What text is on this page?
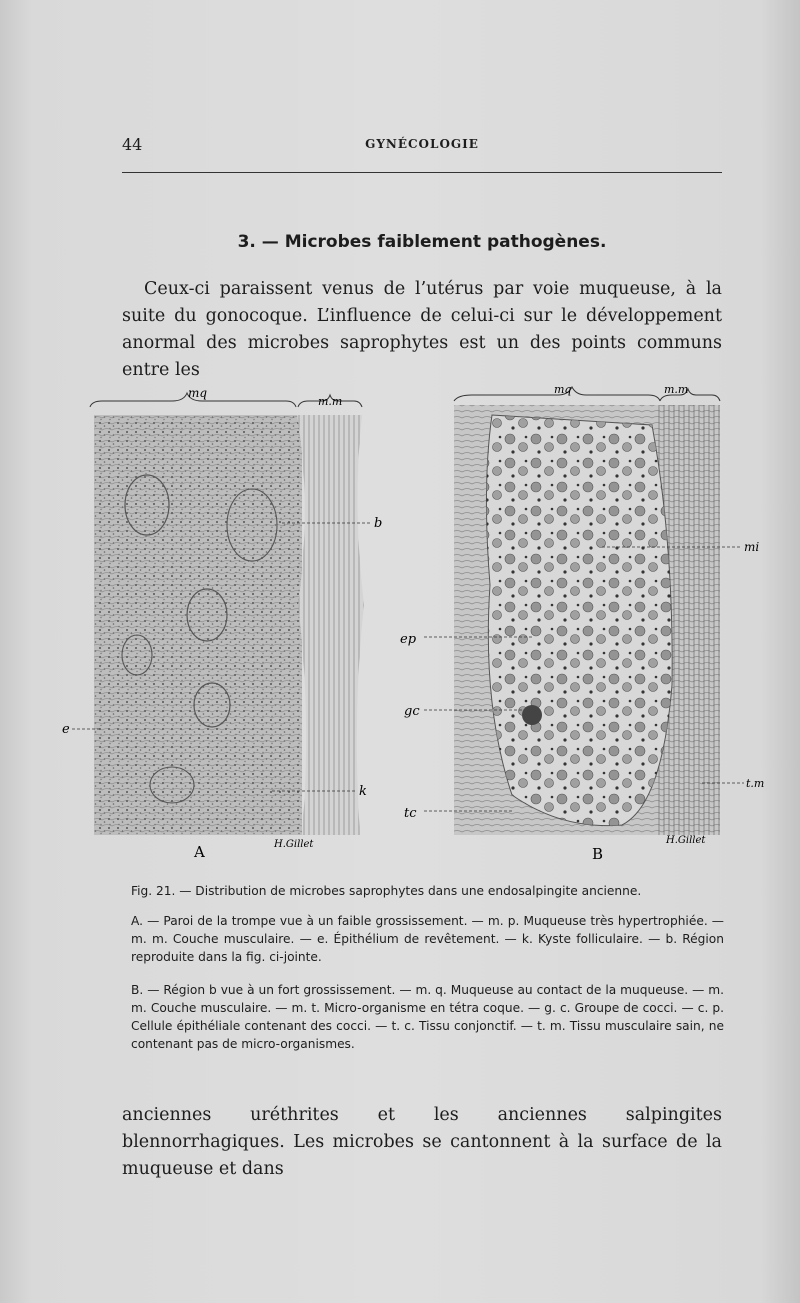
44	GYNÉCOLOGIE
3. — Microbes faiblement pathogènes.

Ceux-ci paraissent venus de l’utérus par voie muqueuse, à la suite du gonocoque. L’influence de celui-ci sur le développement anormal des microbes saprophytes est un des points communs entre les

mq
m.m
b
e
k
A	H.Gillet
mq	m.m
mi
ep
gc
tc
t.m
B
H.Gillet

Fig. 21. — Distribution de microbes saprophytes dans une endosalpingite ancienne.

A. — Paroi de la trompe vue à un faible grossissement. — m. p. Muqueuse très hypertrophiée. — m. m. Couche musculaire. — e. Épithélium de revêtement. — k. Kyste folliculaire. — b. Région reproduite dans la fig. ci-jointe.

B. — Région b vue à un fort grossissement. — m. q. Muqueuse au contact de la muqueuse. — m. m. Couche musculaire. — m. t. Micro-organisme en tétra coque. — g. c. Groupe de cocci. — c. p. Cellule épithéliale contenant des cocci. — t. c. Tissu conjonctif. — t. m. Tissu musculaire sain, ne contenant pas de micro-organismes.

anciennes uréthrites et les anciennes salpingites blennorrhagiques. Les microbes se cantonnent à la surface de la muqueuse et dans
